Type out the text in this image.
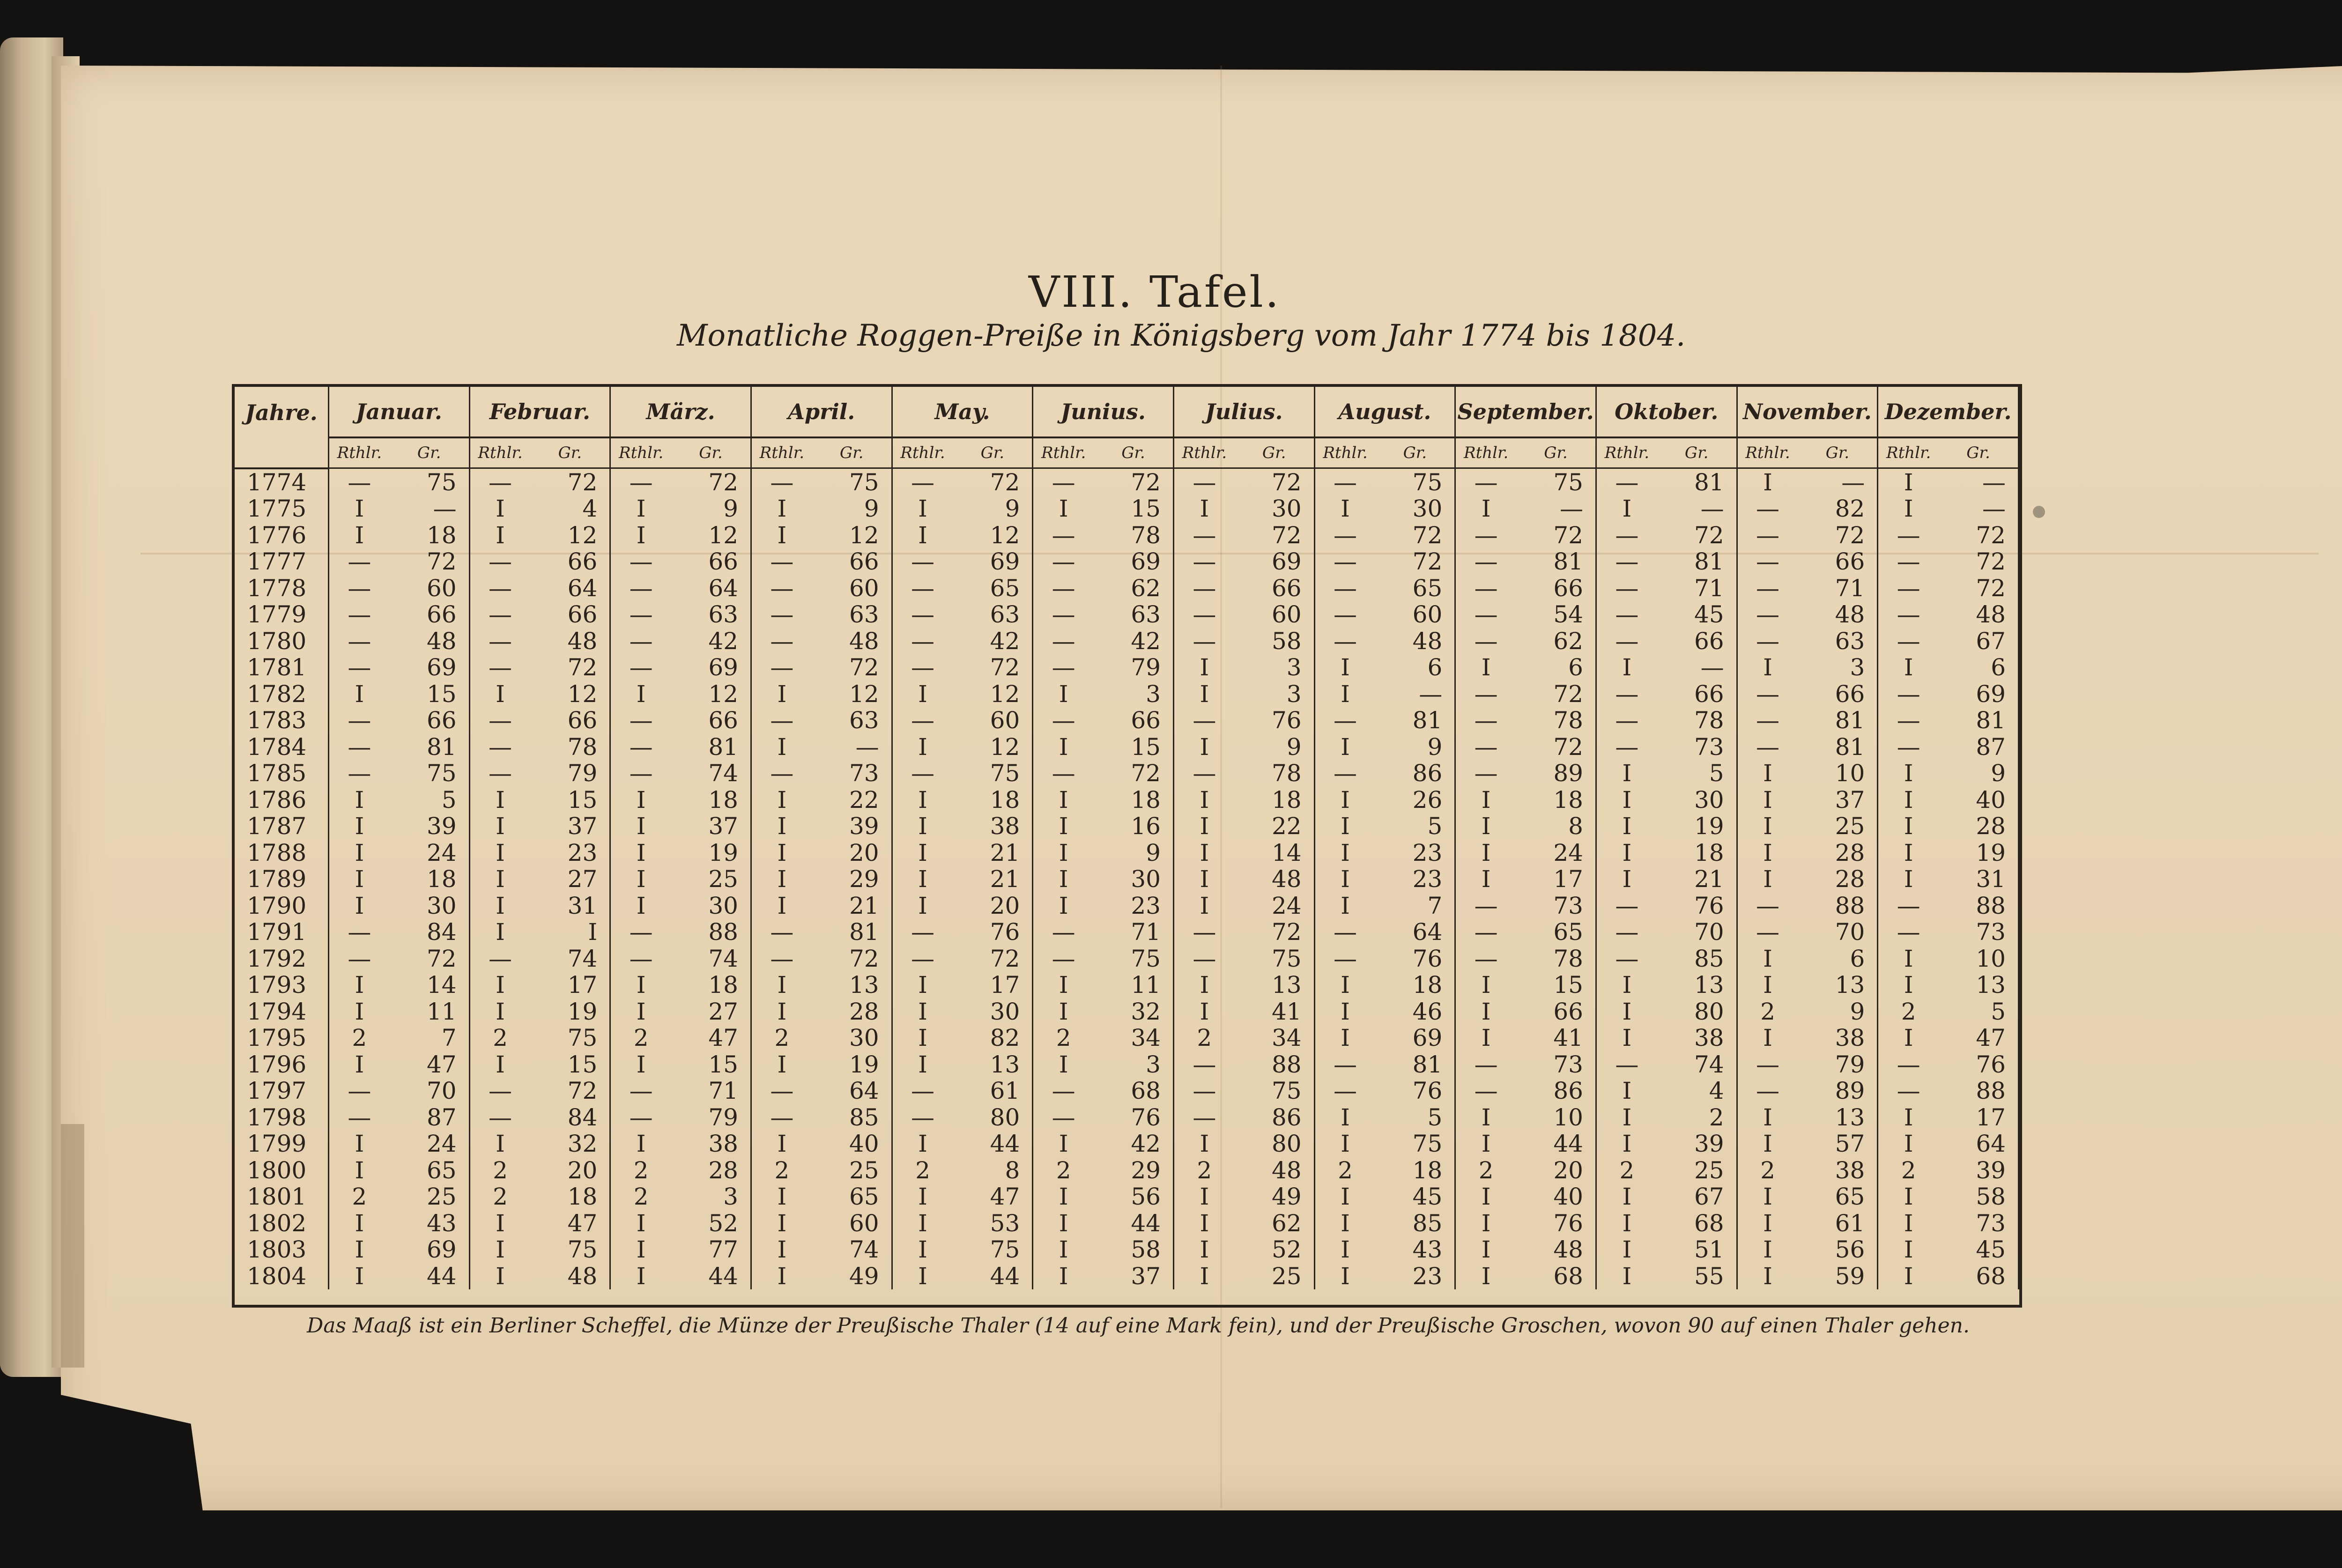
VIII. Tafel.
Monatliche Roggen-Preiße in Königsberg vom Jahr 1774 bis 1804.
Jahre.	Januar.		Februar.		März.		April.		May.		Junius.		Julius.		August.		September.		Oktober.		November.		Dezember.	
	Rthlr.	Gr.	Rthlr.	Gr.	Rthlr.	Gr.	Rthlr.	Gr.	Rthlr.	Gr.	Rthlr.	Gr.	Rthlr.	Gr.	Rthlr.	Gr.	Rthlr.	Gr.	Rthlr.	Gr.	Rthlr.	Gr.	Rthlr.	Gr.
1774	—	75	—	72	—	72	—	75	—	72	—	72	—	72	—	75	—	75	—	81	I	—	I	—
1775	I	—	I	4	I	9	I	9	I	9	I	15	I	30	I	30	I	—	I	—	—	82	I	—
1776	I	18	I	12	I	12	I	12	I	12	—	78	—	72	—	72	—	72	—	72	—	72	—	72
1777	—	72	—	66	—	66	—	66	—	69	—	69	—	69	—	72	—	81	—	81	—	66	—	72
1778	—	60	—	64	—	64	—	60	—	65	—	62	—	66	—	65	—	66	—	71	—	71	—	72
1779	—	66	—	66	—	63	—	63	—	63	—	63	—	60	—	60	—	54	—	45	—	48	—	48
1780	—	48	—	48	—	42	—	48	—	42	—	42	—	58	—	48	—	62	—	66	—	63	—	67
1781	—	69	—	72	—	69	—	72	—	72	—	79	I	3	I	6	I	6	I	—	I	3	I	6
1782	I	15	I	12	I	12	I	12	I	12	I	3	I	3	I	—	—	72	—	66	—	66	—	69
1783	—	66	—	66	—	66	—	63	—	60	—	66	—	76	—	81	—	78	—	78	—	81	—	81
1784	—	81	—	78	—	81	I	—	I	12	I	15	I	9	I	9	—	72	—	73	—	81	—	87
1785	—	75	—	79	—	74	—	73	—	75	—	72	—	78	—	86	—	89	I	5	I	10	I	9
1786	I	5	I	15	I	18	I	22	I	18	I	18	I	18	I	26	I	18	I	30	I	37	I	40
1787	I	39	I	37	I	37	I	39	I	38	I	16	I	22	I	5	I	8	I	19	I	25	I	28
1788	I	24	I	23	I	19	I	20	I	21	I	9	I	14	I	23	I	24	I	18	I	28	I	19
1789	I	18	I	27	I	25	I	29	I	21	I	30	I	48	I	23	I	17	I	21	I	28	I	31
1790	I	30	I	31	I	30	I	21	I	20	I	23	I	24	I	7	—	73	—	76	—	88	—	88
1791	—	84	I	I	—	88	—	81	—	76	—	71	—	72	—	64	—	65	—	70	—	70	—	73
1792	—	72	—	74	—	74	—	72	—	72	—	75	—	75	—	76	—	78	—	85	I	6	I	10
1793	I	14	I	17	I	18	I	13	I	17	I	11	I	13	I	18	I	15	I	13	I	13	I	13
1794	I	11	I	19	I	27	I	28	I	30	I	32	I	41	I	46	I	66	I	80	2	9	2	5
1795	2	7	2	75	2	47	2	30	I	82	2	34	2	34	I	69	I	41	I	38	I	38	I	47
1796	I	47	I	15	I	15	I	19	I	13	I	3	—	88	—	81	—	73	—	74	—	79	—	76
1797	—	70	—	72	—	71	—	64	—	61	—	68	—	75	—	76	—	86	I	4	—	89	—	88
1798	—	87	—	84	—	79	—	85	—	80	—	76	—	86	I	5	I	10	I	2	I	13	I	17
1799	I	24	I	32	I	38	I	40	I	44	I	42	I	80	I	75	I	44	I	39	I	57	I	64
1800	I	65	2	20	2	28	2	25	2	8	2	29	2	48	2	18	2	20	2	25	2	38	2	39
1801	2	25	2	18	2	3	I	65	I	47	I	56	I	49	I	45	I	40	I	67	I	65	I	58
1802	I	43	I	47	I	52	I	60	I	53	I	44	I	62	I	85	I	76	I	68	I	61	I	73
1803	I	69	I	75	I	77	I	74	I	75	I	58	I	52	I	43	I	48	I	51	I	56	I	45
1804	I	44	I	48	I	44	I	49	I	44	I	37	I	25	I	23	I	68	I	55	I	59	I	68
Das Maaß ist ein Berliner Scheffel, die Münze der Preußische Thaler (14 auf eine Mark fein), und der Preußische Groschen, wovon 90 auf einen Thaler gehen.
